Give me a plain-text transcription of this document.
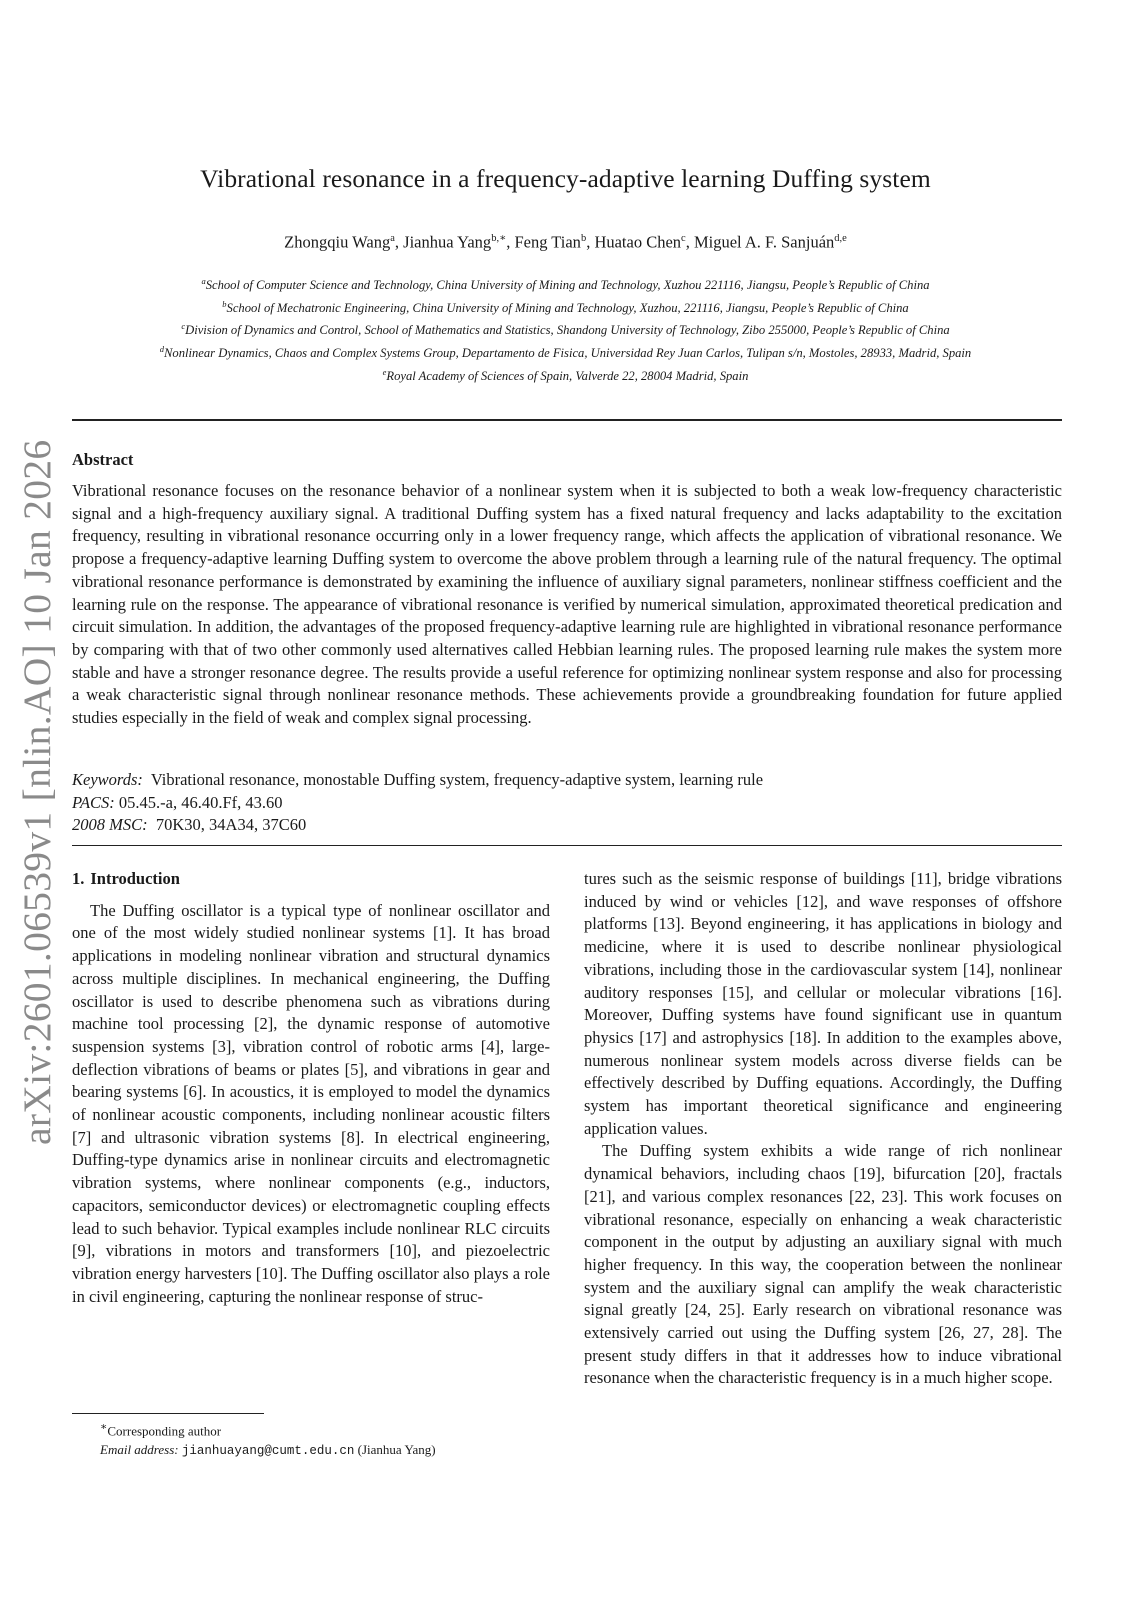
Vibrational resonance in a frequency-adaptive learning Duffing system
Zhongqiu Wang$^a$, Jianhua Yang$^{b,∗}$, Feng Tian$^b$, Huatao Chen$^c$, Miguel A. F. Sanjuán$^{d,e}$
$^a$School of Computer Science and Technology, China University of Mining and Technology, Xuzhou 221116, Jiangsu, People’s Republic of China
$^b$School of Mechatronic Engineering, China University of Mining and Technology, Xuzhou, 221116, Jiangsu, People’s Republic of China
$^c$Division of Dynamics and Control, School of Mathematics and Statistics, Shandong University of Technology, Zibo 255000, People’s Republic of China
$^d$Nonlinear Dynamics, Chaos and Complex Systems Group, Departamento de Fisica, Universidad Rey Juan Carlos, Tulipan s/n, Mostoles, 28933, Madrid, Spain
$^e$Royal Academy of Sciences of Spain, Valverde 22, 28004 Madrid, Spain
arXiv:2601.06539v1 [nlin.AO] 10 Jan 2026 Abstract
Vibrational resonance focuses on the resonance behavior of a nonlinear system when it is subjected to both a weak low-frequency characteristic signal and a high-frequency auxiliary signal. A traditional Duffing system has a fixed natural frequency and lacks adaptability to the excitation frequency, resulting in vibrational resonance occurring only in a lower frequency range, which affects the application of vibrational resonance. We propose a frequency-adaptive learning Duffing system to overcome the above problem through a learning rule of the natural frequency. The optimal vibrational resonance performance is demonstrated by examining the influence of auxiliary signal parameters, nonlinear stiffness coefficient and the learning rule on the response. The appearance of vibrational resonance is verified by numerical simulation, approximated theoretical predication and circuit simulation. In addition, the advantages of the proposed frequency-adaptive learning rule are highlighted in vibrational resonance performance by comparing with that of two other commonly used alternatives called Hebbian learning rules. The proposed learning rule makes the system more stable and have a stronger resonance degree. The results provide a useful reference for optimizing nonlinear system response and also for processing a weak characteristic signal through nonlinear resonance methods. These achievements provide a groundbreaking foundation for future applied studies especially in the field of weak and complex signal processing.
Keywords: Vibrational resonance, monostable Duffing system, frequency-adaptive system, learning rule
PACS: 05.45.-a, 46.40.Ff, 43.60
2008 MSC: 70K30, 34A34, 37C60
1. Introduction

The Duffing oscillator is a typical type of nonlinear oscillator and one of the most widely studied nonlinear systems [1]. It has broad applications in modeling nonlinear vibration and structural dynamics across multiple disciplines. In mechanical engineering, the Duffing oscillator is used to describe phenomena such as vibrations during machine tool processing [2], the dynamic response of automotive suspension systems [3], vibration control of robotic arms [4], large-deflection vibrations of beams or plates [5], and vibrations in gear and bearing systems [6]. In acoustics, it is employed to model the dynamics of nonlinear acoustic components, including nonlinear acoustic filters [7] and ultrasonic vibration systems [8]. In electrical engineering, Duffing-type dynamics arise in nonlinear circuits and electromagnetic vibration systems, where nonlinear components (e.g., inductors, capacitors, semiconductor devices) or electromagnetic coupling effects lead to such behavior. Typical examples include nonlinear RLC circuits [9], vibrations in motors and transformers [10], and piezoelectric vibration energy harvesters [10]. The Duffing oscillator also plays a role in civil engineering, capturing the nonlinear response of struc-

tures such as the seismic response of buildings [11], bridge vibrations induced by wind or vehicles [12], and wave responses of offshore platforms [13]. Beyond engineering, it has applications in biology and medicine, where it is used to describe nonlinear physiological vibrations, including those in the cardiovascular system [14], nonlinear auditory responses [15], and cellular or molecular vibrations [16]. Moreover, Duffing systems have found significant use in quantum physics [17] and astrophysics [18]. In addition to the examples above, numerous nonlinear system models across diverse fields can be effectively described by Duffing equations. Accordingly, the Duffing system has important theoretical significance and engineering application values.

The Duffing system exhibits a wide range of rich nonlinear dynamical behaviors, including chaos [19], bifurcation [20], fractals [21], and various complex resonances [22, 23]. This work focuses on vibrational resonance, especially on enhancing a weak characteristic component in the output by adjusting an auxiliary signal with much higher frequency. In this way, the cooperation between the nonlinear system and the auxiliary signal can amplify the weak characteristic signal greatly [24, 25]. Early research on vibrational resonance was extensively carried out using the Duffing system [26, 27, 28]. The present study differs in that it addresses how to induce vibrational resonance when the characteristic frequency is in a much higher scope.

∗Corresponding author
Email address: jianhuayang@cumt.edu.cn (Jianhua Yang)
